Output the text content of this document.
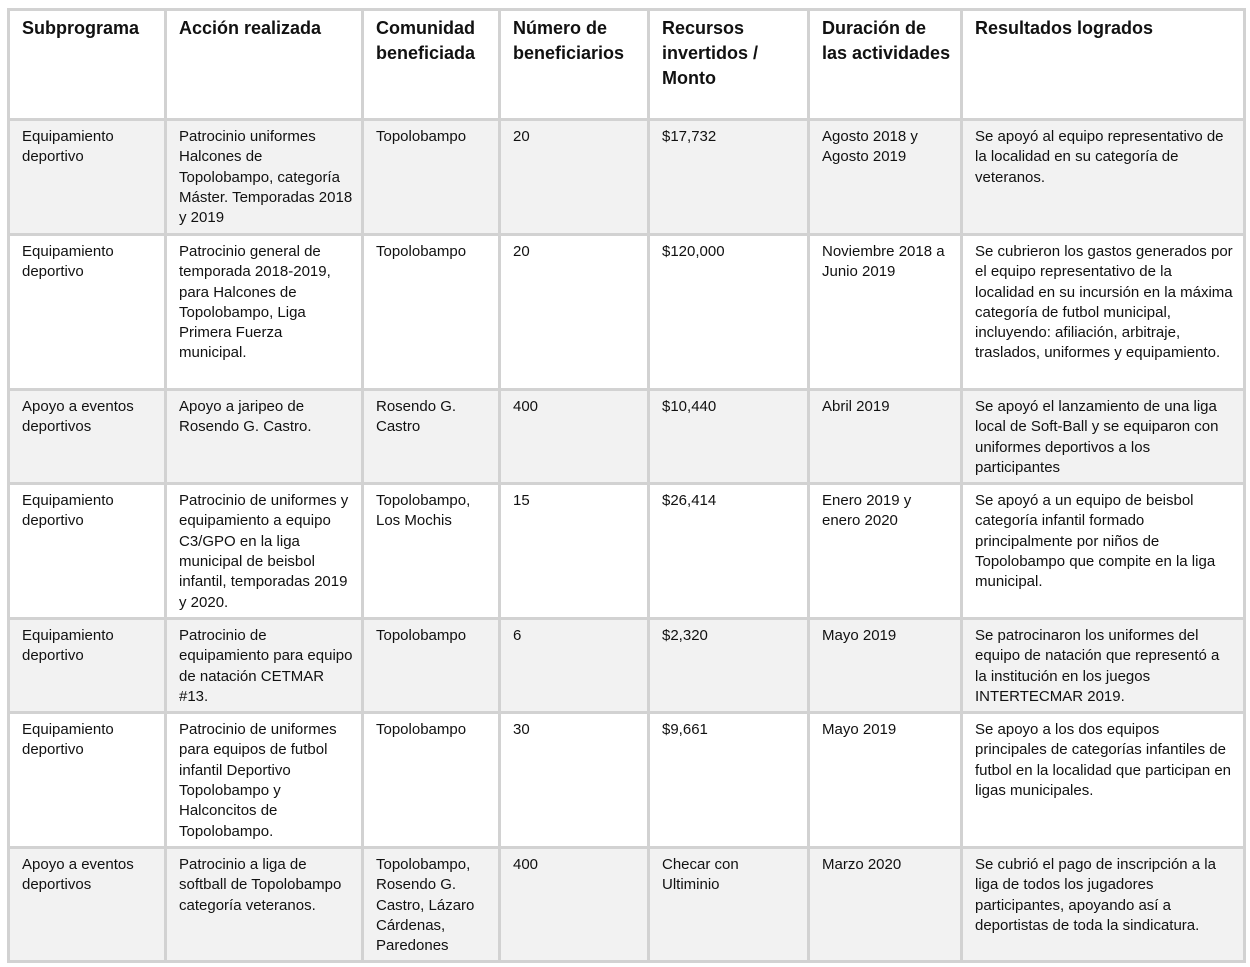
Subprograma	Acción realizada	Comunidad beneficiada	Número de beneficiarios	Recursos invertidos / Monto	Duración de las actividades	Resultados logrados
Equipamiento deportivo	Patrocinio uniformes Halcones de Topolobampo, categoría Máster. Temporadas 2018 y 2019	Topolobampo	20	$17,732	Agosto 2018 y Agosto 2019	Se apoyó al equipo representativo de la localidad en su categoría de veteranos.
Equipamiento deportivo	Patrocinio general de temporada 2018-2019, para Halcones de Topolobampo, Liga Primera Fuerza municipal.	Topolobampo	20	$120,000	Noviembre 2018 a Junio 2019	Se cubrieron los gastos generados por el equipo representativo de la localidad en su incursión en la máxima categoría de futbol municipal, incluyendo: afiliación, arbitraje, traslados, uniformes y equipamiento.
Apoyo a eventos deportivos	Apoyo a jaripeo de Rosendo G. Castro.	Rosendo G. Castro	400	$10,440	Abril 2019	Se apoyó el lanzamiento de una liga local de Soft-Ball y se equiparon con uniformes deportivos a los participantes
Equipamiento deportivo	Patrocinio de uniformes y equipamiento a equipo C3/GPO en la liga municipal de beisbol infantil, temporadas 2019 y 2020.	Topolobampo, Los Mochis	15	$26,414	Enero 2019 y enero 2020	Se apoyó a un equipo de beisbol categoría infantil formado principalmente por niños de Topolobampo que compite en la liga municipal.
Equipamiento deportivo	Patrocinio de equipamiento para equipo de natación CETMAR #13.	Topolobampo	6	$2,320	Mayo 2019	Se patrocinaron los uniformes del equipo de natación que representó a la institución en los juegos INTERTECMAR 2019.
Equipamiento deportivo	Patrocinio de uniformes para equipos de futbol infantil Deportivo Topolobampo y Halconcitos de Topolobampo.	Topolobampo	30	$9,661	Mayo 2019	Se apoyo a los dos equipos principales de categorías infantiles de futbol en la localidad que participan en ligas municipales.
Apoyo a eventos deportivos	Patrocinio a liga de softball de Topolobampo categoría veteranos.	Topolobampo, Rosendo G. Castro, Lázaro Cárdenas, Paredones	400	Checar con Ultiminio	Marzo 2020	Se cubrió el pago de inscripción a la liga de todos los jugadores participantes, apoyando así a deportistas de toda la sindicatura.
